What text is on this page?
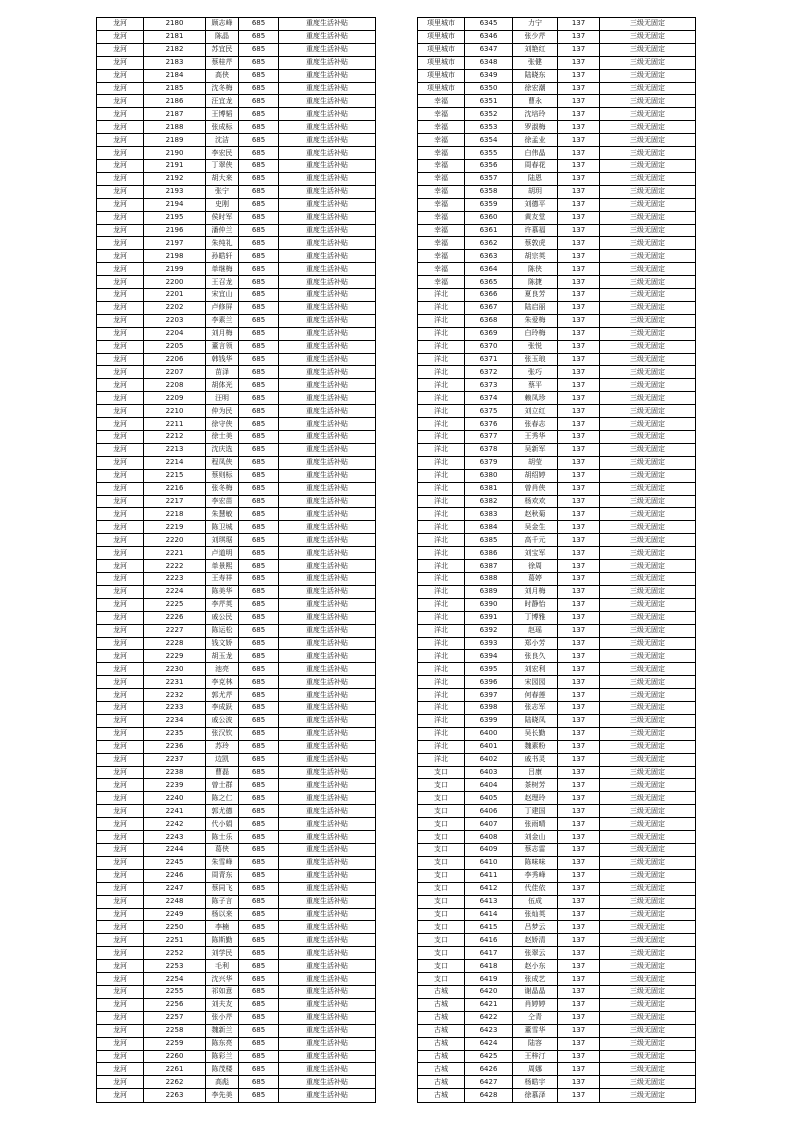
龙河	2180	顾志峰	685	重度生活补贴
龙河	2181	陈晶	685	重度生活补贴
龙河	2182	苏宜民	685	重度生活补贴
龙河	2183	蔡桂芹	685	重度生活补贴
龙河	2184	高侠	685	重度生活补贴
龙河	2185	沈冬梅	685	重度生活补贴
龙河	2186	汪宜龙	685	重度生活补贴
龙河	2187	王博韬	685	重度生活补贴
龙河	2188	张成标	685	重度生活补贴
龙河	2189	沈洁	685	重度生活补贴
龙河	2190	李宏民	685	重度生活补贴
龙河	2191	丁翠侠	685	重度生活补贴
龙河	2192	胡大来	685	重度生活补贴
龙河	2193	张宁	685	重度生活补贴
龙河	2194	史刚	685	重度生活补贴
龙河	2195	侯时军	685	重度生活补贴
龙河	2196	潘仲兰	685	重度生活补贴
龙河	2197	朱纯礼	685	重度生活补贴
龙河	2198	孙皓轩	685	重度生活补贴
龙河	2199	单继梅	685	重度生活补贴
龙河	2200	王召龙	685	重度生活补贴
龙河	2201	宋宜山	685	重度生活补贴
龙河	2202	卢修屏	685	重度生活补贴
龙河	2203	李素兰	685	重度生活补贴
龙河	2204	刘月梅	685	重度生活补贴
龙河	2205	董言领	685	重度生活补贴
龙河	2206	韩钱华	685	重度生活补贴
龙河	2207	苗泽	685	重度生活补贴
龙河	2208	胡体光	685	重度生活补贴
龙河	2209	汪明	685	重度生活补贴
龙河	2210	仲为民	685	重度生活补贴
龙河	2211	徐守侠	685	重度生活补贴
龙河	2212	徐士美	685	重度生活补贴
龙河	2213	沈庆选	685	重度生活补贴
龙河	2214	程凤侠	685	重度生活补贴
龙河	2215	蔡则标	685	重度生活补贴
龙河	2216	张冬梅	685	重度生活补贴
龙河	2217	李宏苗	685	重度生活补贴
龙河	2218	朱慧敏	685	重度生活补贴
龙河	2219	陈卫城	685	重度生活补贴
龙河	2220	刘琪琚	685	重度生活补贴
龙河	2221	卢道明	685	重度生活补贴
龙河	2222	单景熙	685	重度生活补贴
龙河	2223	王寿祥	685	重度生活补贴
龙河	2224	陈美华	685	重度生活补贴
龙河	2225	李芹英	685	重度生活补贴
龙河	2226	戚公民	685	重度生活补贴
龙河	2227	陈运松	685	重度生活补贴
龙河	2228	钱文娇	685	重度生活补贴
龙河	2229	胡玉龙	685	重度生活补贴
龙河	2230	池亮	685	重度生活补贴
龙河	2231	李克林	685	重度生活补贴
龙河	2232	郭尤芹	685	重度生活补贴
龙河	2233	李成跃	685	重度生活补贴
龙河	2234	戚公波	685	重度生活补贴
龙河	2235	张汉钦	685	重度生活补贴
龙河	2236	苏玲	685	重度生活补贴
龙河	2237	边凯	685	重度生活补贴
龙河	2238	曹磊	685	重度生活补贴
龙河	2239	曾士群	685	重度生活补贴
龙河	2240	陈之仁	685	重度生活补贴
龙河	2241	郭尤德	685	重度生活补贴
龙河	2242	代小娟	685	重度生活补贴
龙河	2243	陈士乐	685	重度生活补贴
龙河	2244	葛侠	685	重度生活补贴
龙河	2245	朱雪峰	685	重度生活补贴
龙河	2246	周青东	685	重度生活补贴
龙河	2247	蔡同飞	685	重度生活补贴
龙河	2248	陈子言	685	重度生活补贴
龙河	2249	杨以来	685	重度生活补贴
龙河	2250	李楠	685	重度生活补贴
龙河	2251	陈斯勤	685	重度生活补贴
龙河	2252	刘学民	685	重度生活补贴
龙河	2253	毛利	685	重度生活补贴
龙河	2254	沈兴华	685	重度生活补贴
龙河	2255	祁如意	685	重度生活补贴
龙河	2256	刘夫友	685	重度生活补贴
龙河	2257	张小芹	685	重度生活补贴
龙河	2258	魏新兰	685	重度生活补贴
龙河	2259	陈东亮	685	重度生活补贴
龙河	2260	陈彩兰	685	重度生活补贴
龙河	2261	陈茂楼	685	重度生活补贴
龙河	2262	高彪	685	重度生活补贴
龙河	2263	李先美	685	重度生活补贴
项里城市	6345	力宁	137	三级无固定
项里城市	6346	张少芹	137	三级无固定
项里城市	6347	刘艳红	137	三级无固定
项里城市	6348	张健	137	三级无固定
项里城市	6349	陆晓东	137	三级无固定
项里城市	6350	徐宏潮	137	三级无固定
幸福	6351	曹永	137	三级无固定
幸福	6352	沈培玲	137	三级无固定
幸福	6353	罗淑梅	137	三级无固定
幸福	6354	徐孟业	137	三级无固定
幸福	6355	白伟晶	137	三级无固定
幸福	6356	周春花	137	三级无固定
幸福	6357	陆恩	137	三级无固定
幸福	6358	胡玥	137	三级无固定
幸福	6359	刘德平	137	三级无固定
幸福	6360	黄友堂	137	三级无固定
幸福	6361	许慕福	137	三级无固定
幸福	6362	蔡敦虎	137	三级无固定
幸福	6363	胡宗英	137	三级无固定
幸福	6364	陈侠	137	三级无固定
幸福	6365	陈捷	137	三级无固定
洋北	6366	夏良芳	137	三级无固定
洋北	6367	陆启丽	137	三级无固定
洋北	6368	朱爱梅	137	三级无固定
洋北	6369	白玲梅	137	三级无固定
洋北	6370	张悦	137	三级无固定
洋北	6371	张玉琅	137	三级无固定
洋北	6372	张巧	137	三级无固定
洋北	6373	蔡平	137	三级无固定
洋北	6374	赖凤珍	137	三级无固定
洋北	6375	刘立红	137	三级无固定
洋北	6376	张春志	137	三级无固定
洋北	6377	王秀华	137	三级无固定
洋北	6378	吴新军	137	三级无固定
洋北	6379	胡莹	137	三级无固定
洋北	6380	胡绍婷	137	三级无固定
洋北	6381	曾肖侠	137	三级无固定
洋北	6382	杨欢欢	137	三级无固定
洋北	6383	赵秋菊	137	三级无固定
洋北	6384	吴金生	137	三级无固定
洋北	6385	高千元	137	三级无固定
洋北	6386	刘宝军	137	三级无固定
洋北	6387	徐周	137	三级无固定
洋北	6388	葛婷	137	三级无固定
洋北	6389	刘月梅	137	三级无固定
洋北	6390	时静怡	137	三级无固定
洋北	6391	丁博雅	137	三级无固定
洋北	6392	赵瑶	137	三级无固定
洋北	6393	郑小芳	137	三级无固定
洋北	6394	张良久	137	三级无固定
洋北	6395	刘宏利	137	三级无固定
洋北	6396	宋园园	137	三级无固定
洋北	6397	何春莲	137	三级无固定
洋北	6398	张志军	137	三级无固定
洋北	6399	陆晓凤	137	三级无固定
洋北	6400	吴长勤	137	三级无固定
洋北	6401	魏素粉	137	三级无固定
洋北	6402	戚书灵	137	三级无固定
支口	6403	吕康	137	三级无固定
支口	6404	茶树芳	137	三级无固定
支口	6405	赵理玲	137	三级无固定
支口	6406	丁建国	137	三级无固定
支口	6407	张雨晴	137	三级无固定
支口	6408	刘金山	137	三级无固定
支口	6409	蔡志雷	137	三级无固定
支口	6410	陈味味	137	三级无固定
支口	6411	李秀峰	137	三级无固定
支口	6412	代佳依	137	三级无固定
支口	6413	伍成	137	三级无固定
支口	6414	张灿英	137	三级无固定
支口	6415	吕梦云	137	三级无固定
支口	6416	赵娇清	137	三级无固定
支口	6417	张翠云	137	三级无固定
支口	6418	赵小东	137	三级无固定
支口	6419	张成艺	137	三级无固定
古城	6420	谢晶晶	137	三级无固定
古城	6421	肖婷婷	137	三级无固定
古城	6422	仝青	137	三级无固定
古城	6423	董雪华	137	三级无固定
古城	6424	陆容	137	三级无固定
古城	6425	王梓汀	137	三级无固定
古城	6426	周娜	137	三级无固定
古城	6427	杨皓宇	137	三级无固定
古城	6428	徐慕泽	137	三级无固定
